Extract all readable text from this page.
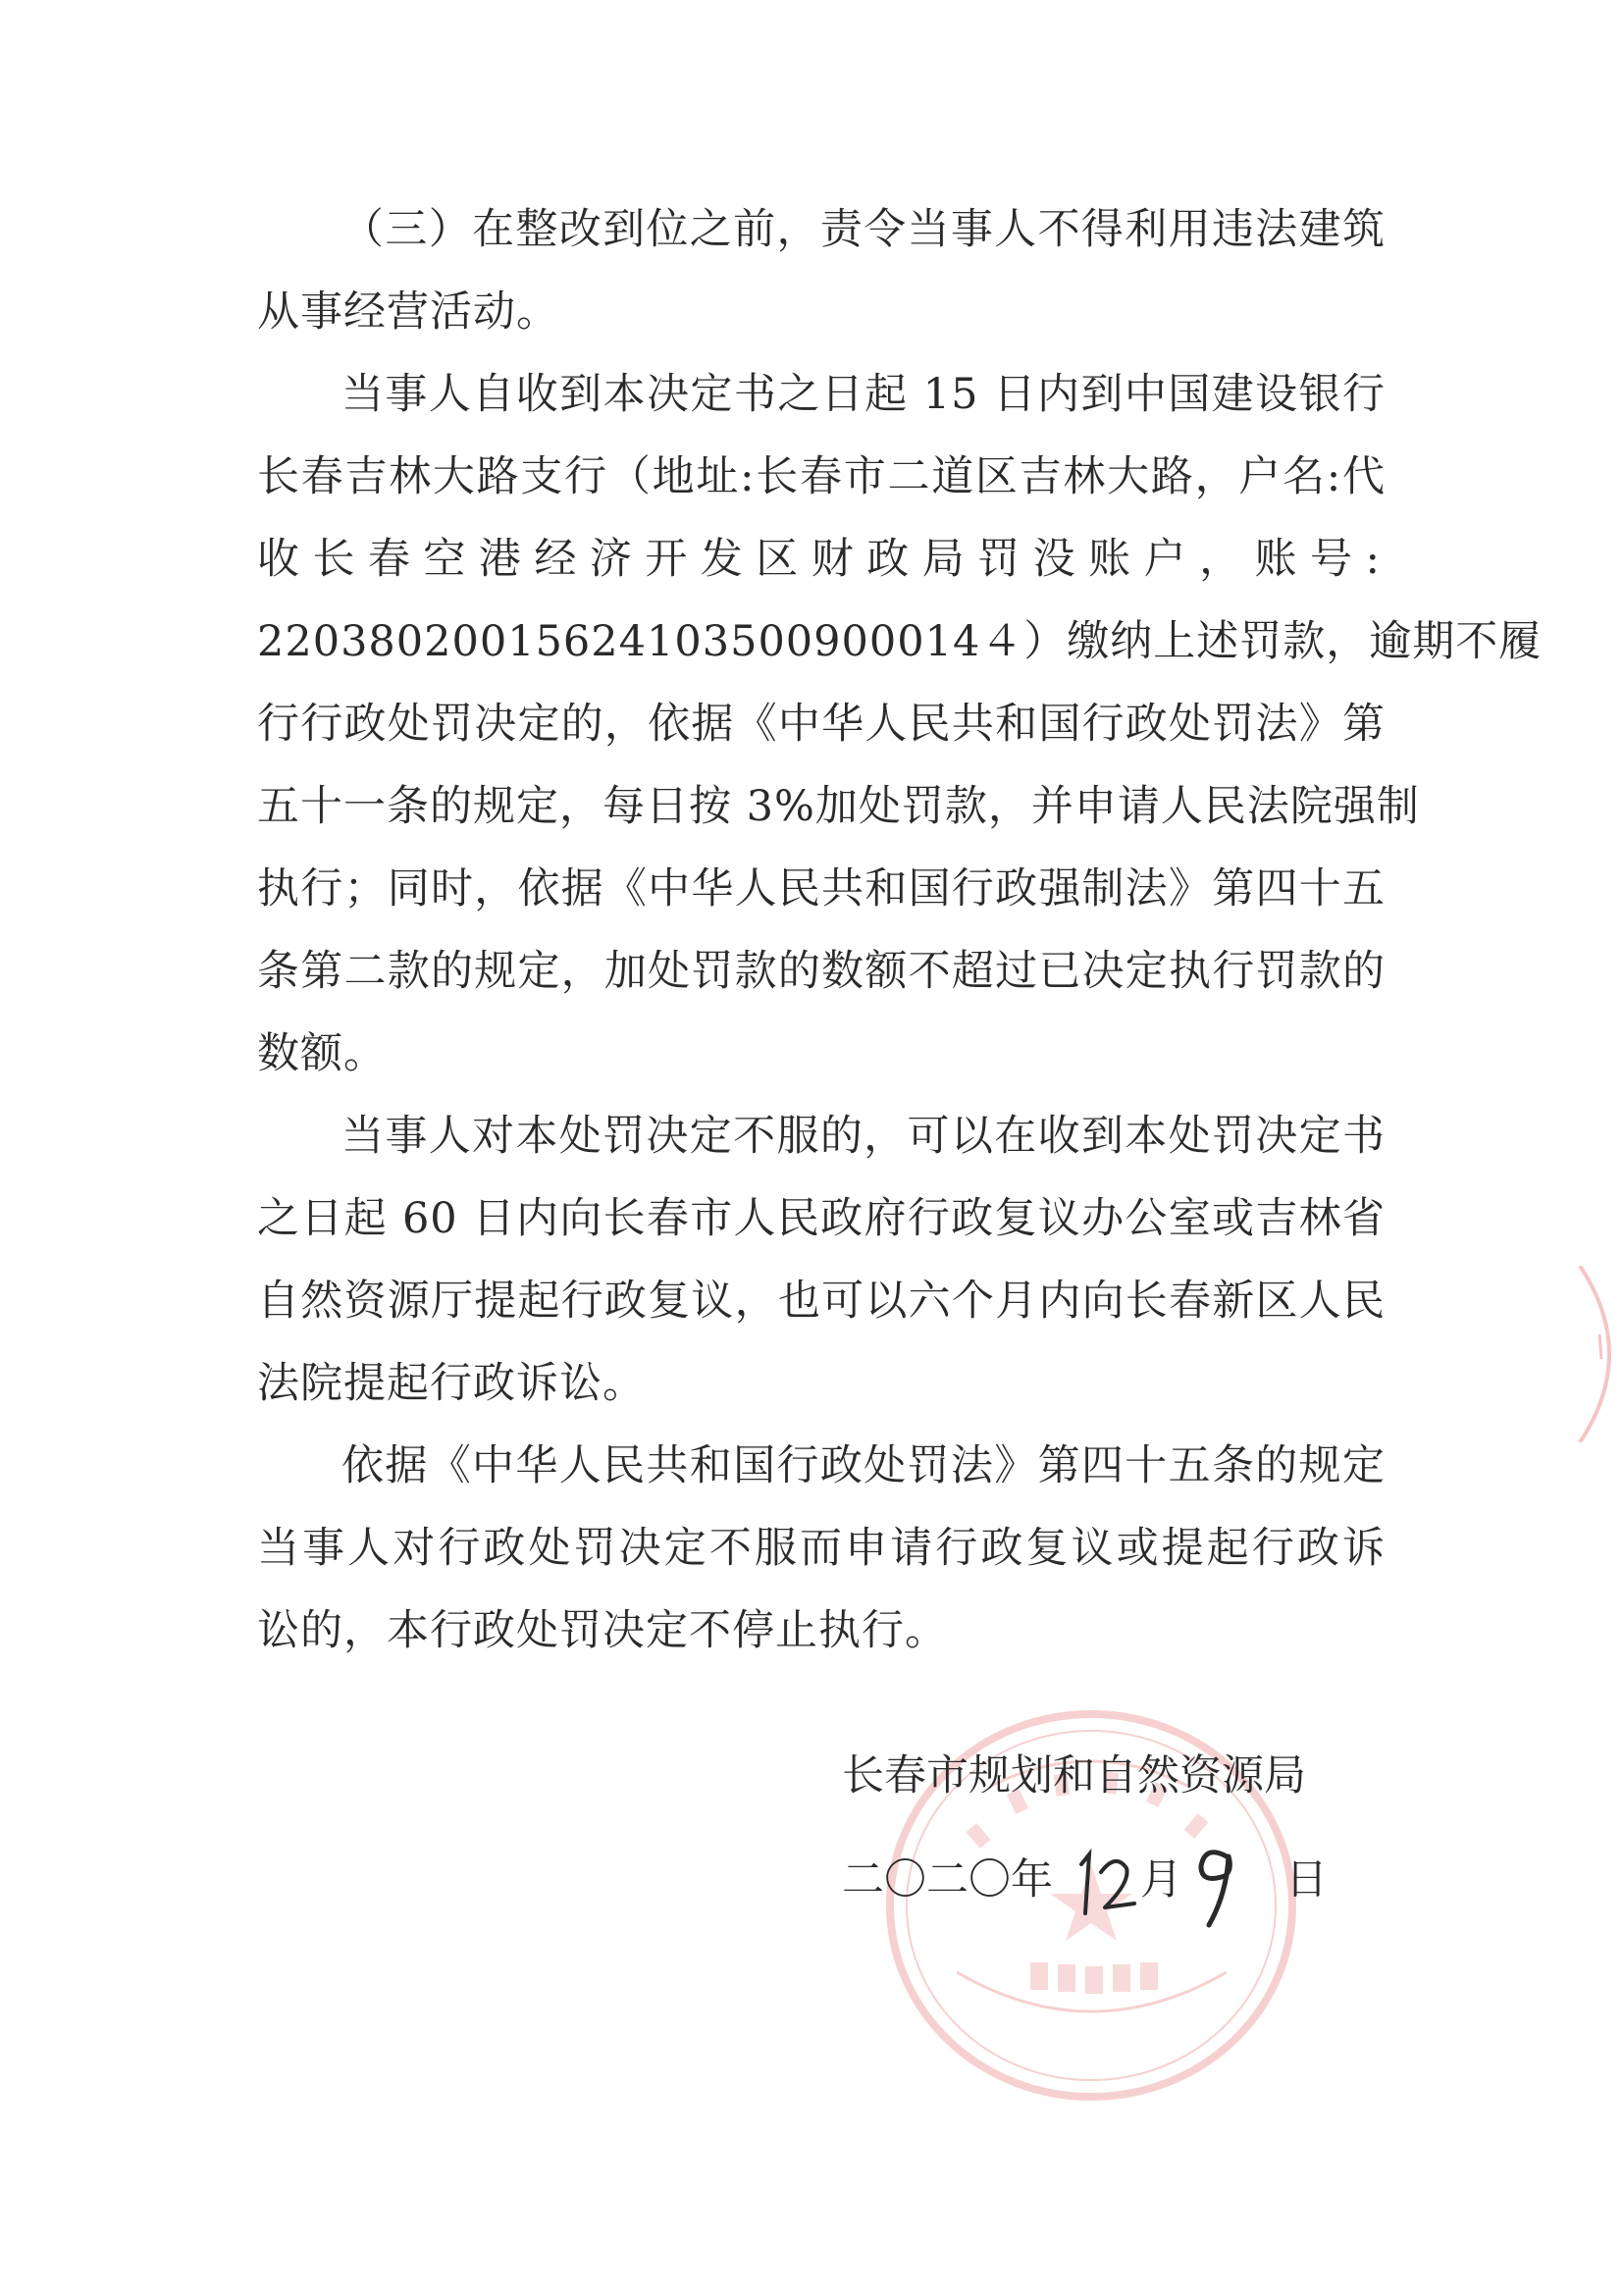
（三）在整改到位之前，责令当事人不得利用违法建筑
从事经营活动。
当事人自收到本决定书之日起 15 日内到中国建设银行
长春吉林大路支行（地址:长春市二道区吉林大路，户名:代
收长春空港经济开发区财政局罚没账户，账号:
22038020015624103500900014４）缴纳上述罚款，逾期不履
行行政处罚决定的，依据《中华人民共和国行政处罚法》第
五十一条的规定，每日按 3%加处罚款，并申请人民法院强制
执行；同时，依据《中华人民共和国行政强制法》第四十五
条第二款的规定，加处罚款的数额不超过已决定执行罚款的
数额。
当事人对本处罚决定不服的，可以在收到本处罚决定书
之日起 60 日内向长春市人民政府行政复议办公室或吉林省
自然资源厅提起行政复议，也可以六个月内向长春新区人民
法院提起行政诉讼。
依据《中华人民共和国行政处罚法》第四十五条的规定
当事人对行政处罚决定不服而申请行政复议或提起行政诉
讼的，本行政处罚决定不停止执行。
长春市规划和自然资源局
二〇二〇年 月 日
